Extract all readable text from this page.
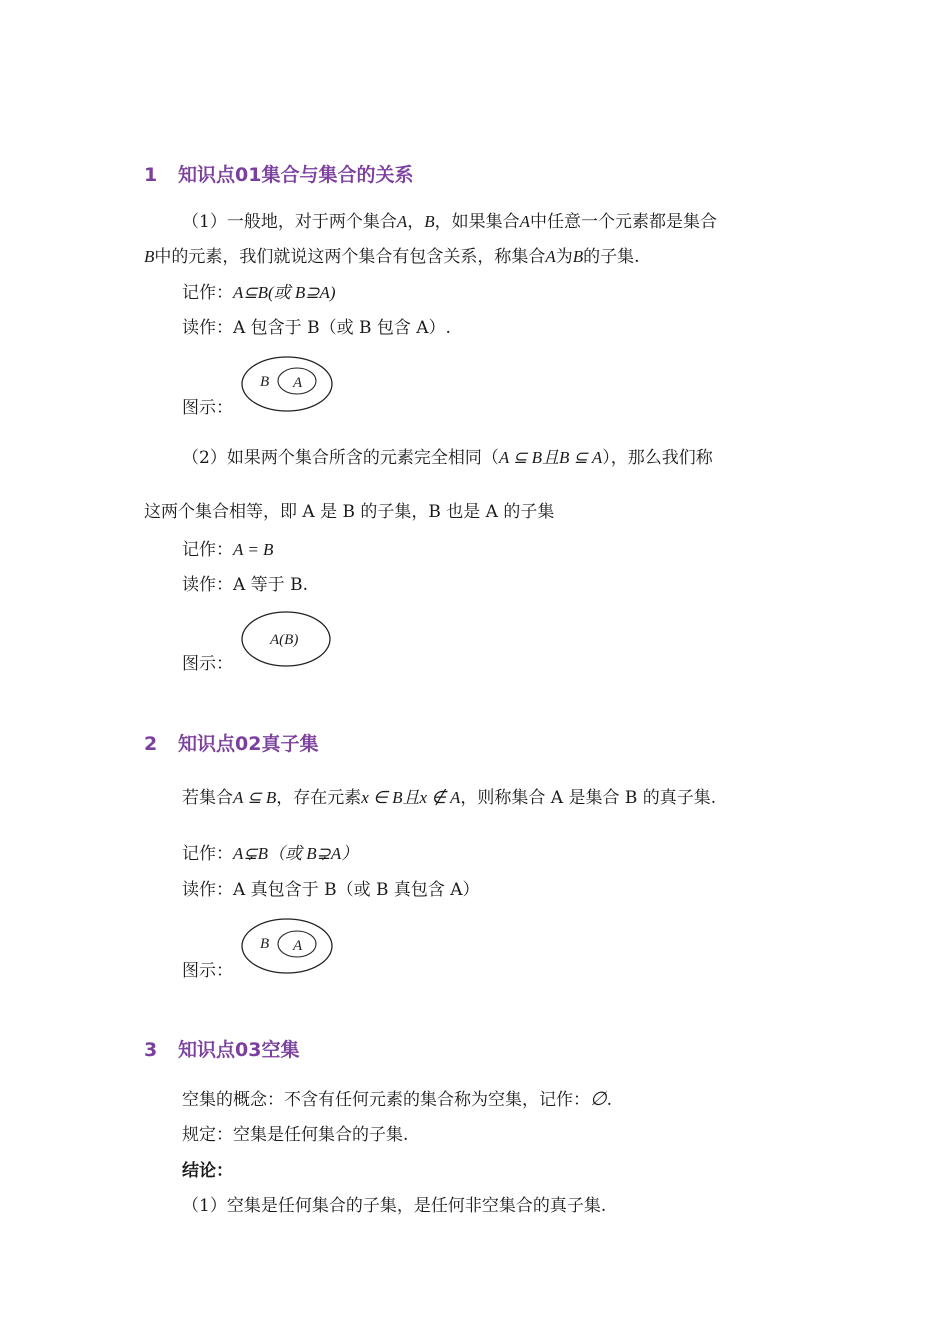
1 知识点01集合与集合的关系
（1）一般地，对于两个集合A，B，如果集合A中任意一个元素都是集合
B中的元素，我们就说这两个集合有包含关系，称集合A为B的子集.
记作：A⊆B(或 B⊇A)
读作：A 包含于 B（或 B 包含 A）.
图示：
B A
（2）如果两个集合所含的元素完全相同（A ⊆ B且B ⊆ A），那么我们称
这两个集合相等，即 A 是 B 的子集，B 也是 A 的子集
记作：A = B
读作：A 等于 B.
图示：
A(B)
2 知识点02真子集
若集合A ⊆ B，存在元素x ∈ B且x ∉ A，则称集合 A 是集合 B 的真子集.
记作：A⊊B（或 B⊋A）
读作：A 真包含于 B（或 B 真包含 A）
图示：
B A
3 知识点03空集
空集的概念：不含有任何元素的集合称为空集，记作：∅.
规定：空集是任何集合的子集.
结论：
（1）空集是任何集合的子集，是任何非空集合的真子集.
